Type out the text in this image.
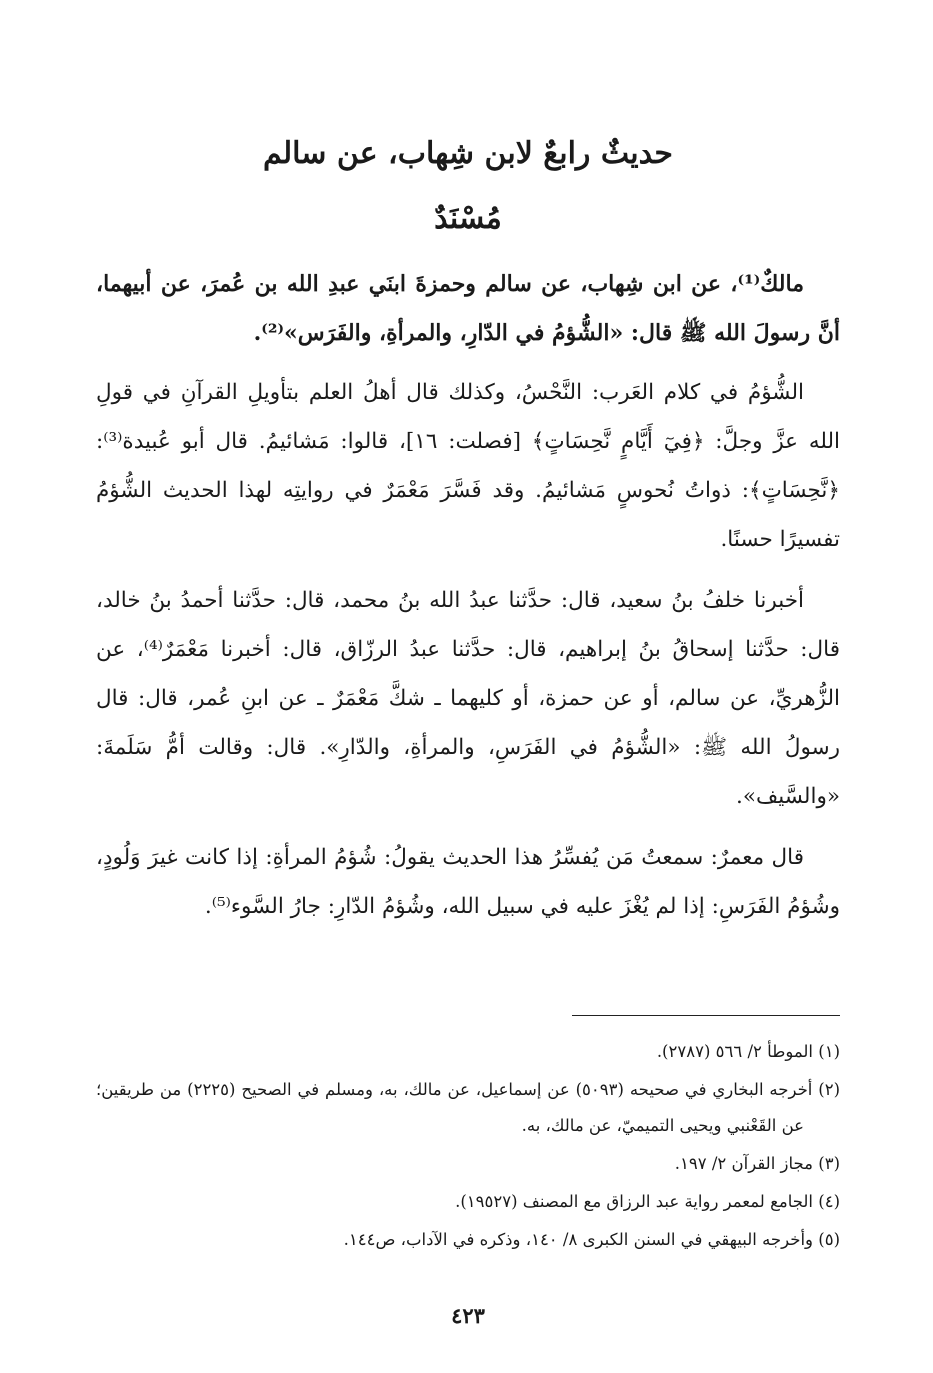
حديثٌ رابعٌ لابن شِهاب، عن سالم
مُسْنَدٌ

مالكٌ⁽¹⁾، عن ابن شِهاب، عن سالم وحمزةَ ابنَي عبدِ الله بن عُمرَ، عن أبيهما، أنَّ رسولَ الله ﷺ قال: «الشُّؤمُ في الدّارِ، والمرأةِ، والفَرَس»⁽²⁾.

الشُّؤمُ في كلام العَرب: النَّحْسُ، وكذلك قال أهلُ العلم بتأويلِ القرآنِ في قولِ الله عزَّ وجلَّ: ﴿فِيٓ أَيَّامٍ نَّحِسَاتٍ﴾ [فصلت: ١٦]، قالوا: مَشائيمُ. قال أبو عُبيدة⁽³⁾: ﴿نَّحِسَاتٍ﴾: ذواتُ نُحوسٍ مَشائيمُ. وقد فَسَّرَ مَعْمَرٌ في روايتِه لهذا الحديث الشُّؤمُ تفسيرًا حسنًا.

أخبرنا خلفُ بنُ سعيد، قال: حدَّثنا عبدُ الله بنُ محمد، قال: حدَّثنا أحمدُ بنُ خالد، قال: حدَّثنا إسحاقُ بنُ إبراهيم، قال: حدَّثنا عبدُ الرزّاق، قال: أخبرنا مَعْمَرٌ⁽⁴⁾، عن الزُّهريِّ، عن سالم، أو عن حمزة، أو كليهما ـ شكَّ مَعْمَرٌ ـ عن ابنِ عُمر، قال: قال رسولُ الله ﷺ: «الشُّؤمُ في الفَرَسِ، والمرأةِ، والدّارِ». قال: وقالت أمُّ سَلَمةَ: «والسَّيف».

قال معمرٌ: سمعتُ مَن يُفسِّرُ هذا الحديث يقولُ: شُؤمُ المرأةِ: إذا كانت غيرَ وَلُودٍ، وشُؤمُ الفَرَسِ: إذا لم يُغْزَ عليه في سبيل الله، وشُؤمُ الدّارِ: جارُ السَّوء⁽⁵⁾.

(١) الموطأ ٢/ ٥٦٦ (٢٧٨٧).
(٢) أخرجه البخاري في صحيحه (٥٠٩٣) عن إسماعيل، عن مالك، به، ومسلم في الصحيح (٢٢٢٥) من طريقين؛ عن القَعْنبي ويحيى التميميّ، عن مالك، به.
(٣) مجاز القرآن ٢/ ١٩٧.
(٤) الجامع لمعمر رواية عبد الرزاق مع المصنف (١٩٥٢٧).
(٥) وأخرجه البيهقي في السنن الكبرى ٨/ ١٤٠، وذكره في الآداب، ص١٤٤.
٤٢٣
